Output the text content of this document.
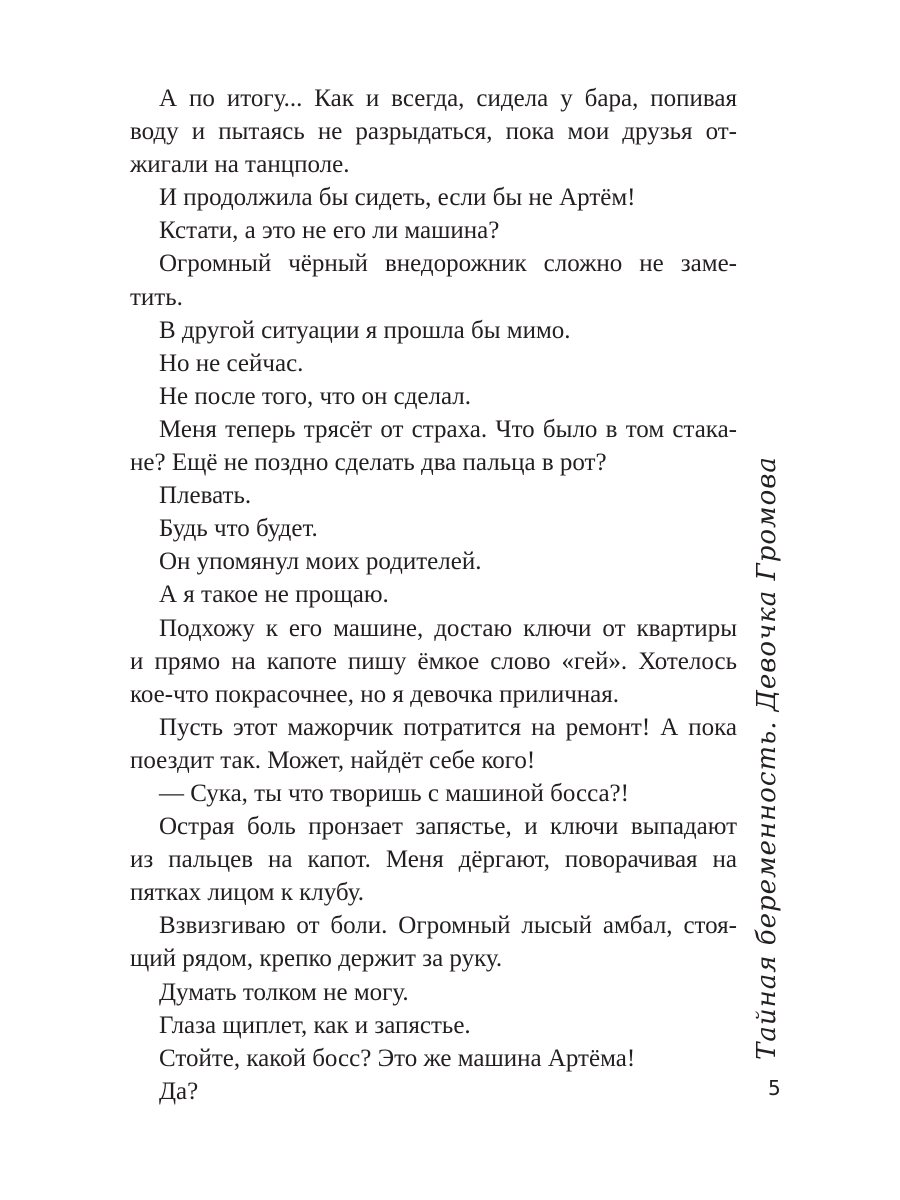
А по итогу... Как и всегда, сидела у бара, попивая
воду и пытаясь не разрыдаться, пока мои друзья от-
жигали на танцполе.
И продолжила бы сидеть, если бы не Артём!
Кстати, а это не его ли машина?
Огромный чёрный внедорожник сложно не заме-
тить.
В другой ситуации я прошла бы мимо.
Но не сейчас.
Не после того, что он сделал.
Меня теперь трясёт от страха. Что было в том стака-
не? Ещё не поздно сделать два пальца в рот?
Плевать.
Будь что будет.
Он упомянул моих родителей.
А я такое не прощаю.
Подхожу к его машине, достаю ключи от квартиры
и прямо на капоте пишу ёмкое слово «гей». Хотелось
кое-что покрасочнее, но я девочка приличная.
Пусть этот мажорчик потратится на ремонт! А пока
поездит так. Может, найдёт себе кого!
— Сука, ты что творишь с машиной босса?!
Острая боль пронзает запястье, и ключи выпадают
из пальцев на капот. Меня дёргают, поворачивая на
пятках лицом к клубу.
Взвизгиваю от боли. Огромный лысый амбал, стоя-
щий рядом, крепко держит за руку.
Думать толком не могу.
Глаза щиплет, как и запястье.
Стойте, какой босс? Это же машина Артёма!
Да?
Тайная беременность. Девочка Громова
5
